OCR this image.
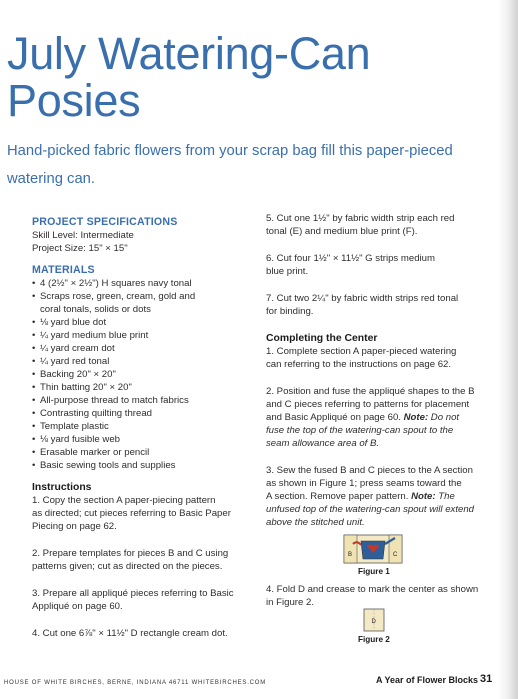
July Watering-Can Posies

Hand-picked fabric flowers from your scrap bag fill this paper-pieced watering can.

PROJECT SPECIFICATIONS
Skill Level: Intermediate
Project Size: 15" × 15"
MATERIALS
• 4 (2½" × 2½") H squares navy tonal
• Scraps rose, green, cream, gold and
coral tonals, solids or dots
• ⅛ yard blue dot
• ¼ yard medium blue print
• ¼ yard cream dot
• ¼ yard red tonal
• Backing 20" × 20"
• Thin batting 20" × 20"
• All-purpose thread to match fabrics
• Contrasting quilting thread
• Template plastic
• ⅛ yard fusible web
• Erasable marker or pencil
• Basic sewing tools and supplies
Instructions
1. Copy the section A paper-piecing pattern
as directed; cut pieces referring to Basic Paper
Piecing on page 62.
2. Prepare templates for pieces B and C using
patterns given; cut as directed on the pieces.
3. Prepare all appliqué pieces referring to Basic
Appliqué on page 60.
4. Cut one 6⅞" × 11½" D rectangle cream dot.
5. Cut one 1½" by fabric width strip each red
tonal (E) and medium blue print (F).
6. Cut four 1½" × 11½" G strips medium
blue print.
7. Cut two 2¼" by fabric width strips red tonal
for binding.
Completing the Center
1. Complete section A paper-pieced watering
can referring to the instructions on page 62.
2. Position and fuse the appliqué shapes to the B
and C pieces referring to patterns for placement
and Basic Appliqué on page 60. Note: Do not
fuse the top of the watering-can spout to the
seam allowance area of B.
3. Sew the fused B and C pieces to the A section
as shown in Figure 1; press seams toward the
A section. Remove paper pattern. Note: The
unfused top of the watering-can spout will extend
above the stitched unit.
B	C
Figure 1
4. Fold D and crease to mark the center as shown
in Figure 2.
D
Figure 2
HOUSE OF WHITE BIRCHES, BERNE, INDIANA 46711 WHITEBIRCHES.COM	A Year of Flower Blocks 31
